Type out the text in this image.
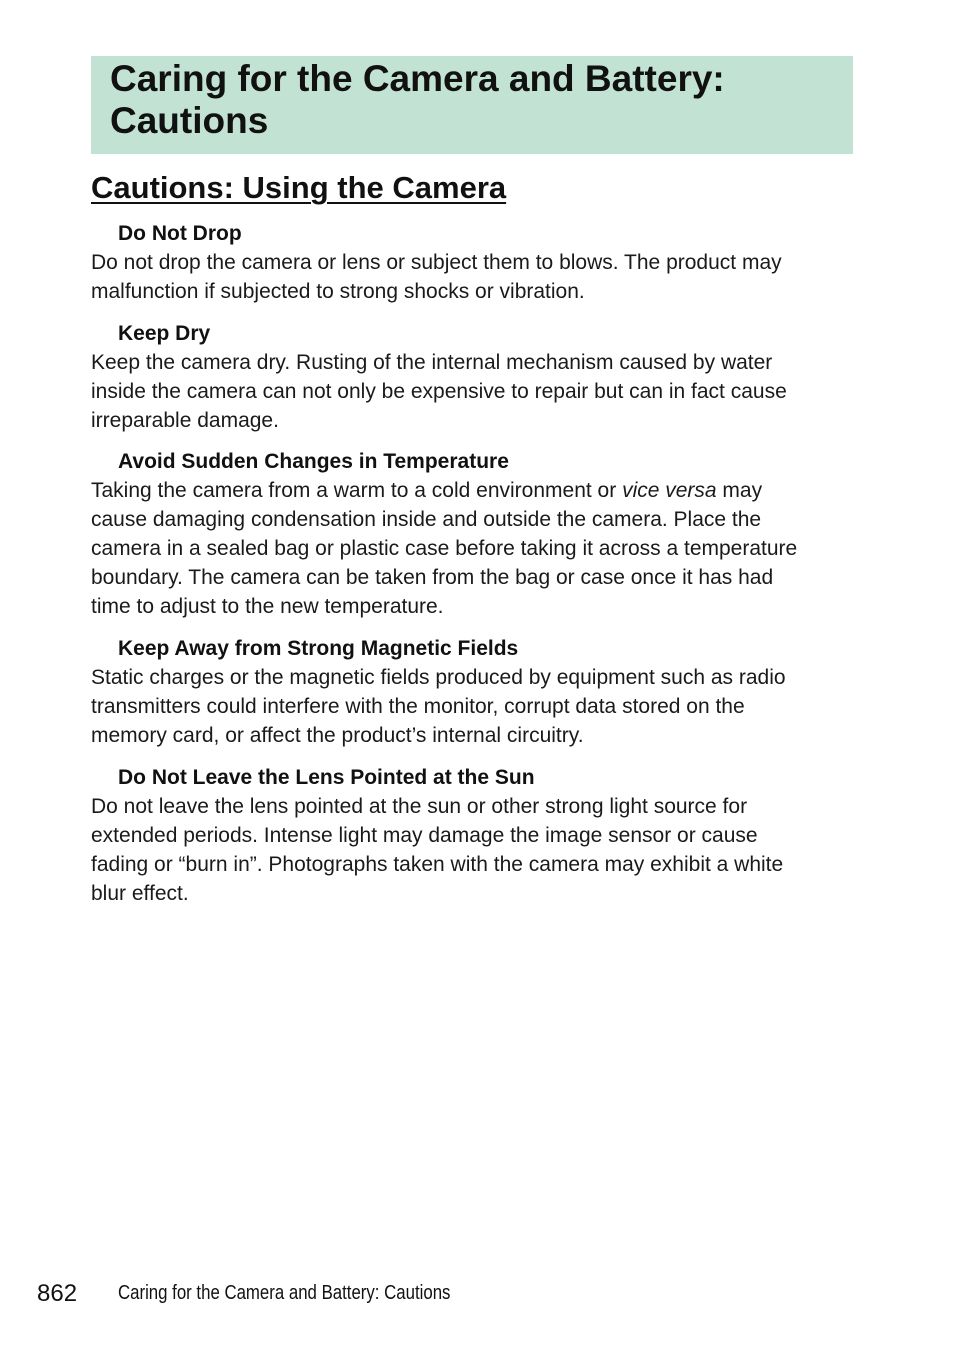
Caring for the Camera and Battery:
Cautions
Cautions: Using the Camera
Do Not Drop
Do not drop the camera or lens or subject them to blows. The product may
malfunction if subjected to strong shocks or vibration.
Keep Dry
Keep the camera dry. Rusting of the internal mechanism caused by water
inside the camera can not only be expensive to repair but can in fact cause
irreparable damage.
Avoid Sudden Changes in Temperature
Taking the camera from a warm to a cold environment or vice versa may
cause damaging condensation inside and outside the camera. Place the
camera in a sealed bag or plastic case before taking it across a temperature
boundary. The camera can be taken from the bag or case once it has had
time to adjust to the new temperature.
Keep Away from Strong Magnetic Fields
Static charges or the magnetic fields produced by equipment such as radio
transmitters could interfere with the monitor, corrupt data stored on the
memory card, or affect the product’s internal circuitry.
Do Not Leave the Lens Pointed at the Sun
Do not leave the lens pointed at the sun or other strong light source for
extended periods. Intense light may damage the image sensor or cause
fading or “burn in”. Photographs taken with the camera may exhibit a white
blur effect.
862 Caring for the Camera and Battery: Cautions
